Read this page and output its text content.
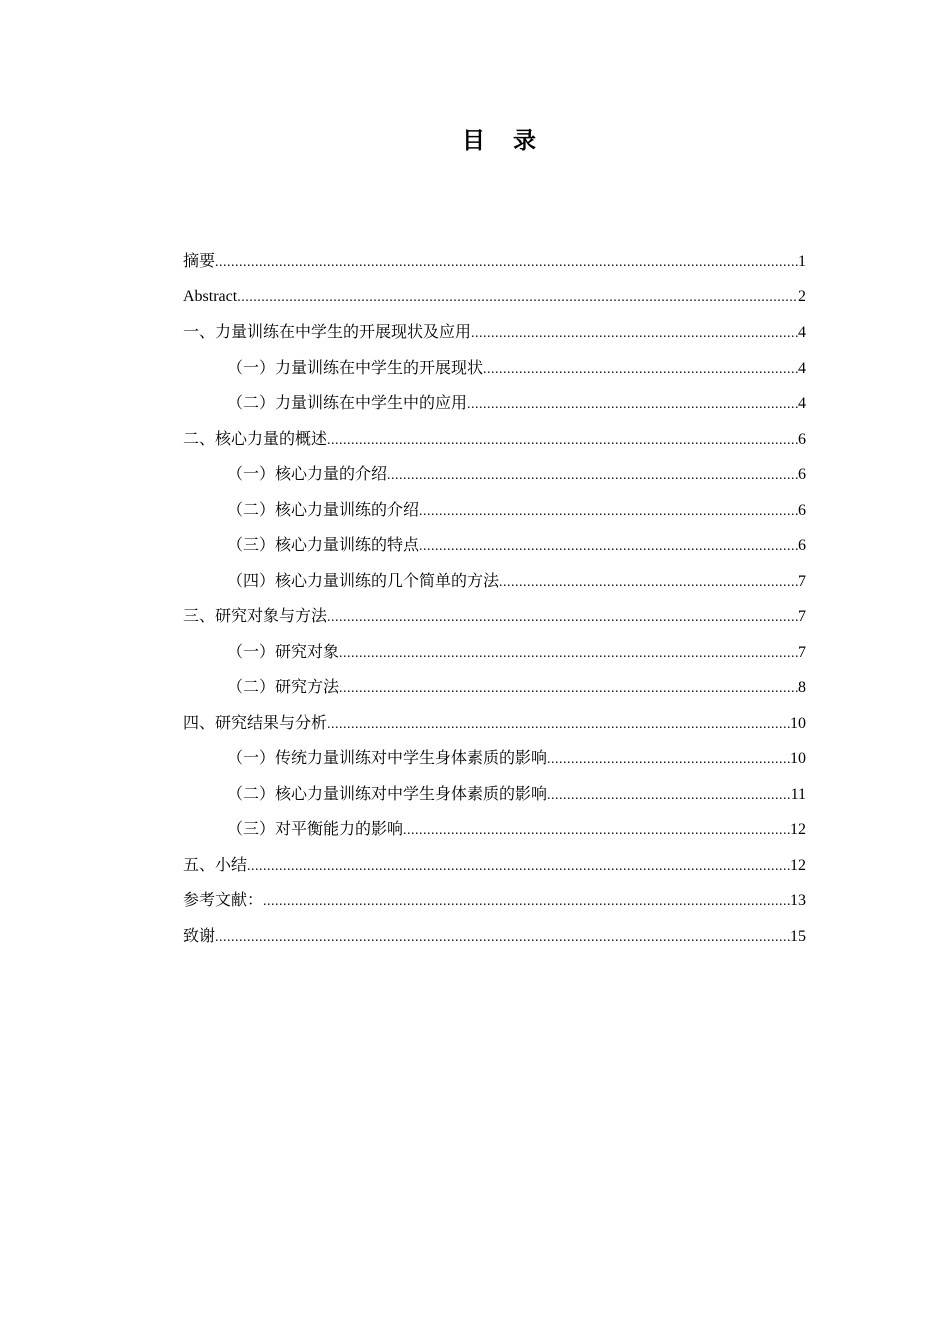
目 录
摘要 .....	1
Abstract .....	2
一、力量训练在中学生的开展现状及应用 .....	4
（一）力量训练在中学生的开展现状 .....	4
（二）力量训练在中学生中的应用 .....	4
二、核心力量的概述 .....	6
（一）核心力量的介绍 .....	6
（二）核心力量训练的介绍 .....	6
（三）核心力量训练的特点 .....	6
（四）核心力量训练的几个简单的方法 .....	7
三、研究对象与方法 .....	7
（一）研究对象 .....	7
（二）研究方法 .....	8
四、研究结果与分析 .....	10
（一）传统力量训练对中学生身体素质的影响 .....	10
（二）核心力量训练对中学生身体素质的影响 .....	11
（三）对平衡能力的影响 .....	12
五、小结 .....	12
参考文献： .....	13
致谢 .....	15
